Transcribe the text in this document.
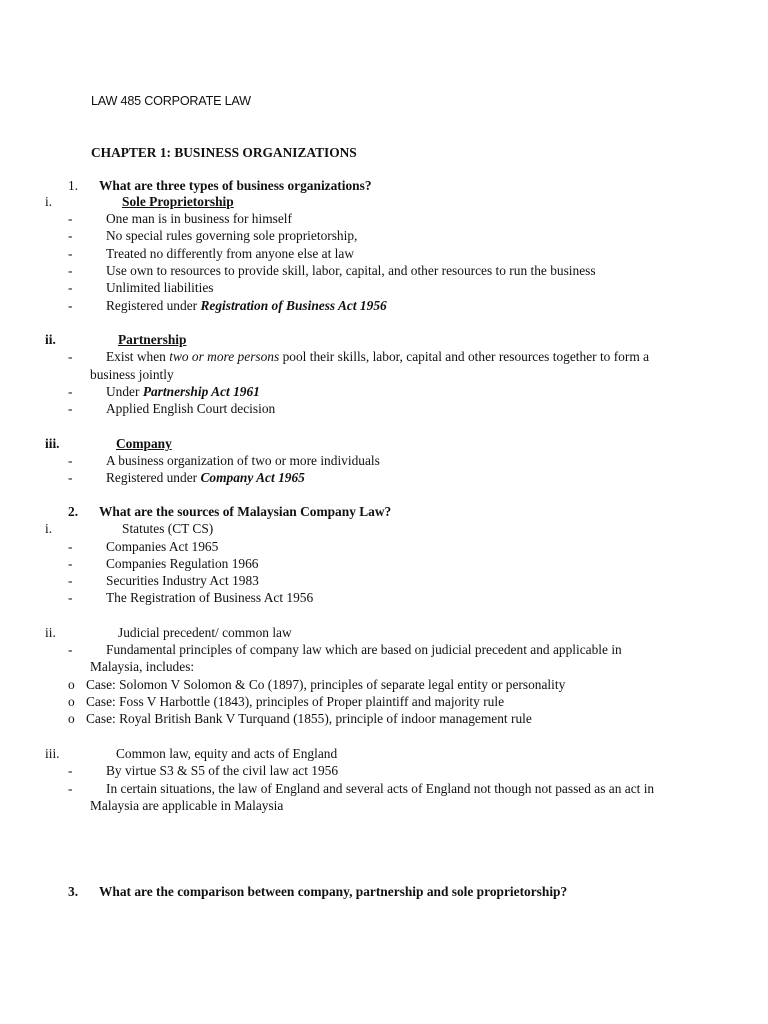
LAW 485 CORPORATE LAW
CHAPTER 1: BUSINESS ORGANIZATIONS
1. What are three types of business organizations?
i.	Sole Proprietorship
-	One man is in business for himself
-	No special rules governing sole proprietorship,
-	Treated no differently from anyone else at law
-	Use own to resources to provide skill, labor, capital, and other resources to run the business
-	Unlimited liabilities
-	Registered under Registration of Business Act 1956
ii.	Partnership
-	Exist when two or more persons pool their skills, labor, capital and other resources together to form a
business jointly
-	Under Partnership Act 1961
-	Applied English Court decision
iii.	Company
-	A business organization of two or more individuals
-	Registered under Company Act 1965
2. What are the sources of Malaysian Company Law?
i.	Statutes (CT CS)
-	Companies Act 1965
-	Companies Regulation 1966
-	Securities Industry Act 1983
-	The Registration of Business Act 1956
ii.	Judicial precedent/ common law
-	Fundamental principles of company law which are based on judicial precedent and applicable in
Malaysia, includes:
o Case: Solomon V Solomon & Co (1897), principles of separate legal entity or personality
o Case: Foss V Harbottle (1843), principles of Proper plaintiff and majority rule
o Case: Royal British Bank V Turquand (1855), principle of indoor management rule
iii.	Common law, equity and acts of England
-	By virtue S3 & S5 of the civil law act 1956
-	In certain situations, the law of England and several acts of England not though not passed as an act in
Malaysia are applicable in Malaysia
3. What are the comparison between company, partnership and sole proprietorship?
